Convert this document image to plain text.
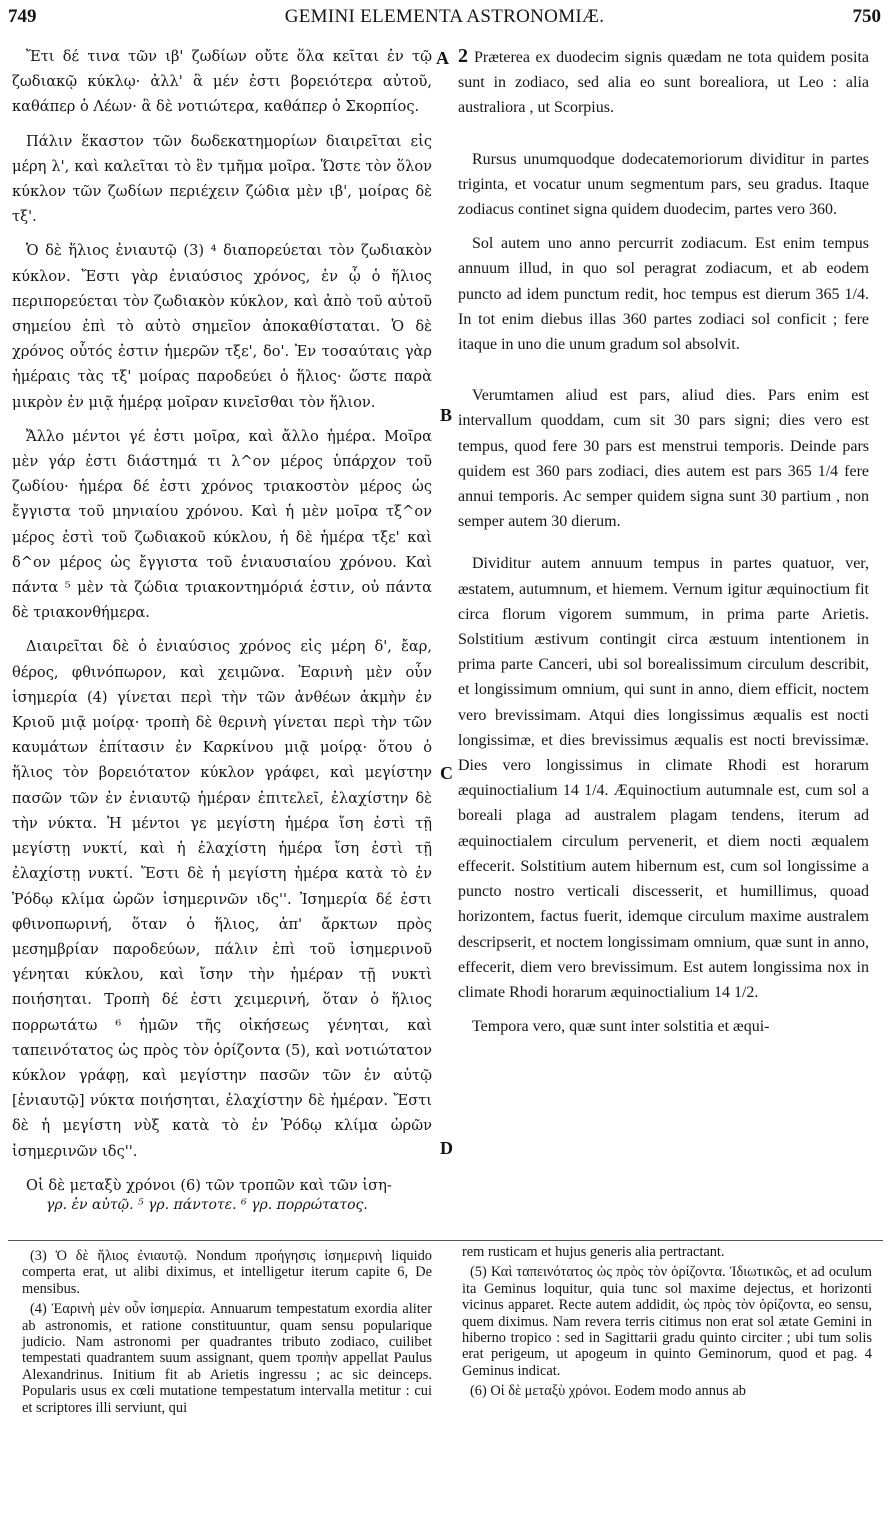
749	GEMINI ELEMENTA ASTRONOMIÆ.	750
A
B
C
D

Ἔτι δέ τινα τῶν ιβ' ζωδίων οὔτε ὅλα κεῖται ἐν τῷ ζωδιακῷ κύκλῳ· ἀλλ' ἃ μέν ἐστι βορειότερα αὐτοῦ, καθάπερ ὁ Λέων· ἃ δὲ νοτιώτερα, καθάπερ ὁ Σκορπίος.

Πάλιν ἕκαστον τῶν δωδεκατημορίων διαιρεῖται εἰς μέρη λ', καὶ καλεῖται τὸ ἓν τμῆμα μοῖρα. Ὥστε τὸν ὅλον κύκλον τῶν ζωδίων περιέχειν ζώδια μὲν ιβ', μοίρας δὲ τξ'.

Ὁ δὲ ἥλιος ἐνιαυτῷ (3) ⁴ διαπορεύεται τὸν ζωδιακὸν κύκλον. Ἔστι γὰρ ἐνιαύσιος χρόνος, ἐν ᾧ ὁ ἥλιος περιπορεύεται τὸν ζωδιακὸν κύκλον, καὶ ἀπὸ τοῦ αὐτοῦ σημείου ἐπὶ τὸ αὐτὸ σημεῖον ἀποκαθίσταται. Ὁ δὲ χρόνος οὗτός ἐστιν ἡμερῶν τξε', δο'. Ἐν τοσαύταις γὰρ ἡμέραις τὰς τξ' μοίρας παροδεύει ὁ ἥλιος· ὥστε παρὰ μικρὸν ἐν μιᾷ ἡμέρᾳ μοῖραν κινεῖσθαι τὸν ἥλιον.

Ἄλλο μέντοι γέ ἐστι μοῖρα, καὶ ἄλλο ἡμέρα. Μοῖρα μὲν γάρ ἐστι διάστημά τι λ^ον μέρος ὑπάρχον τοῦ ζωδίου· ἡμέρα δέ ἐστι χρόνος τριακοστὸν μέρος ὡς ἔγγιστα τοῦ μηνιαίου χρόνου. Καὶ ἡ μὲν μοῖρα τξ^ον μέρος ἐστὶ τοῦ ζωδιακοῦ κύκλου, ἡ δὲ ἡμέρα τξε' καὶ δ^ον μέρος ὡς ἔγγιστα τοῦ ἐνιαυσιαίου χρόνου. Καὶ πάντα ⁵ μὲν τὰ ζώδια τριακοντημόριά ἐστιν, οὐ πάντα δὲ τριακονθήμερα.

Διαιρεῖται δὲ ὁ ἐνιαύσιος χρόνος εἰς μέρη δ', ἔαρ, θέρος, φθινόπωρον, καὶ χειμῶνα. Ἐαρινὴ μὲν οὖν ἰσημερία (4) γίνεται περὶ τὴν τῶν ἀνθέων ἀκμὴν ἐν Κριοῦ μιᾷ μοίρᾳ· τροπὴ δὲ θερινὴ γίνεται περὶ τὴν τῶν καυμάτων ἐπίτασιν ἐν Καρκίνου μιᾷ μοίρᾳ· ὅτου ὁ ἥλιος τὸν βορειότατον κύκλον γράφει, καὶ μεγίστην πασῶν τῶν ἐν ἐνιαυτῷ ἡμέραν ἐπιτελεῖ, ἐλαχίστην δὲ τὴν νύκτα. Ἡ μέντοι γε μεγίστη ἡμέρα ἴση ἐστὶ τῇ μεγίστῃ νυκτί, καὶ ἡ ἐλαχίστη ἡμέρα ἴση ἐστὶ τῇ ἐλαχίστῃ νυκτί. Ἔστι δὲ ἡ μεγίστη ἡμέρα κατὰ τὸ ἐν Ῥόδῳ κλίμα ὡρῶν ἰσημερινῶν ιδς''. Ἰσημερία δέ ἐστι φθινοπωρινή, ὅταν ὁ ἥλιος, ἀπ' ἄρκτων πρὸς μεσημβρίαν παροδεύων, πάλιν ἐπὶ τοῦ ἰσημερινοῦ γένηται κύκλου, καὶ ἴσην τὴν ἡμέραν τῇ νυκτὶ ποιήσηται. Τροπὴ δέ ἐστι χειμερινή, ὅταν ὁ ἥλιος πορρωτάτω ⁶ ἡμῶν τῆς οἰκήσεως γένηται, καὶ ταπεινότατος ὡς πρὸς τὸν ὁρίζοντα (5), καὶ νοτιώτατον κύκλον γράφῃ, καὶ μεγίστην πασῶν τῶν ἐν αὐτῷ [ἐνιαυτῷ] νύκτα ποιήσηται, ἐλαχίστην δὲ ἡμέραν. Ἔστι δὲ ἡ μεγίστη νὺξ κατὰ τὸ ἐν Ῥόδῳ κλίμα ὡρῶν ἰσημερινῶν ιδς''.

Οἱ δὲ μεταξὺ χρόνοι (6) τῶν τροπῶν καὶ τῶν ἰση-

γρ. ἐν αὐτῷ. ⁵ γρ. πάντοτε. ⁶ γρ. πορρώτατος.

2 Præterea ex duodecim signis quædam ne tota quidem posita sunt in zodiaco, sed alia eo sunt borealiora, ut Leo : alia australiora , ut Scorpius.

Rursus unumquodque dodecatemoriorum dividitur in partes triginta, et vocatur unum segmentum pars, seu gradus. Itaque zodiacus continet signa quidem duodecim, partes vero 360.

Sol autem uno anno percurrit zodiacum. Est enim tempus annuum illud, in quo sol peragrat zodiacum, et ab eodem puncto ad idem punctum redit, hoc tempus est dierum 365 1/4. In tot enim diebus illas 360 partes zodiaci sol conficit ; fere itaque in uno die unum gradum sol absolvit.

Verumtamen aliud est pars, aliud dies. Pars enim est intervallum quoddam, cum sit 30 pars signi; dies vero est tempus, quod fere 30 pars est menstrui temporis. Deinde pars quidem est 360 pars zodiaci, dies autem est pars 365 1/4 fere annui temporis. Ac semper quidem signa sunt 30 partium , non semper autem 30 dierum.

Dividitur autem annuum tempus in partes quatuor, ver, æstatem, autumnum, et hiemem. Vernum igitur æquinoctium fit circa florum vigorem summum, in prima parte Arietis. Solstitium æstivum contingit circa æstuum intentionem in prima parte Canceri, ubi sol borealissimum circulum describit, et longissimum omnium, qui sunt in anno, diem efficit, noctem vero brevissimam. Atqui dies longissimus æqualis est nocti longissimæ, et dies brevissimus æqualis est nocti brevissimæ. Dies vero longissimus in climate Rhodi est horarum æquinoctialium 14 1/4. Æquinoctium autumnale est, cum sol a boreali plaga ad australem plagam tendens, iterum ad æquinoctialem circulum pervenerit, et diem nocti æqualem effecerit. Solstitium autem hibernum est, cum sol longissime a puncto nostro verticali discesserit, et humillimus, quoad horizontem, factus fuerit, idemque circulum maxime australem descripserit, et noctem longissimam omnium, quæ sunt in anno, effecerit, diem vero brevissimum. Est autem longissima nox in climate Rhodi horarum æquinoctialium 14 1/2.

Tempora vero, quæ sunt inter solstitia et æqui-

(3) Ὁ δὲ ἥλιος ἐνιαυτῷ. Nondum προήγησις ἰσημερινὴ liquido comperta erat, ut alibi diximus, et intelligetur iterum capite 6, De mensibus.

(4) Ἐαρινὴ μὲν οὖν ἰσημερία. Annuarum tempestatum exordia aliter ab astronomis, et ratione constituuntur, quam sensu popularique judicio. Nam astronomi per quadrantes tributo zodiaco, cuilibet tempestati quadrantem suum assignant, quem τροπὴν appellat Paulus Alexandrinus. Initium fit ab Arietis ingressu ; ac sic deinceps. Popularis usus ex cœli mutatione tempestatum intervalla metitur : cui et scriptores illi serviunt, qui

rem rusticam et hujus generis alia pertractant.

(5) Καὶ ταπεινότατος ὡς πρὸς τὸν ὁρίζοντα. Ἰδιωτικῶς, et ad oculum ita Geminus loquitur, quia tunc sol maxime dejectus, et horizonti vicinus apparet. Recte autem addidit, ὡς πρὸς τὸν ὁρίζοντα, eo sensu, quem diximus. Nam revera terris citimus non erat sol ætate Gemini in hiberno tropico : sed in Sagittarii gradu quinto circiter ; ubi tum solis erat perigeum, ut apogeum in quinto Geminorum, quod et pag. 4 Geminus indicat.

(6) Οἱ δὲ μεταξὺ χρόνοι. Eodem modo annus ab
